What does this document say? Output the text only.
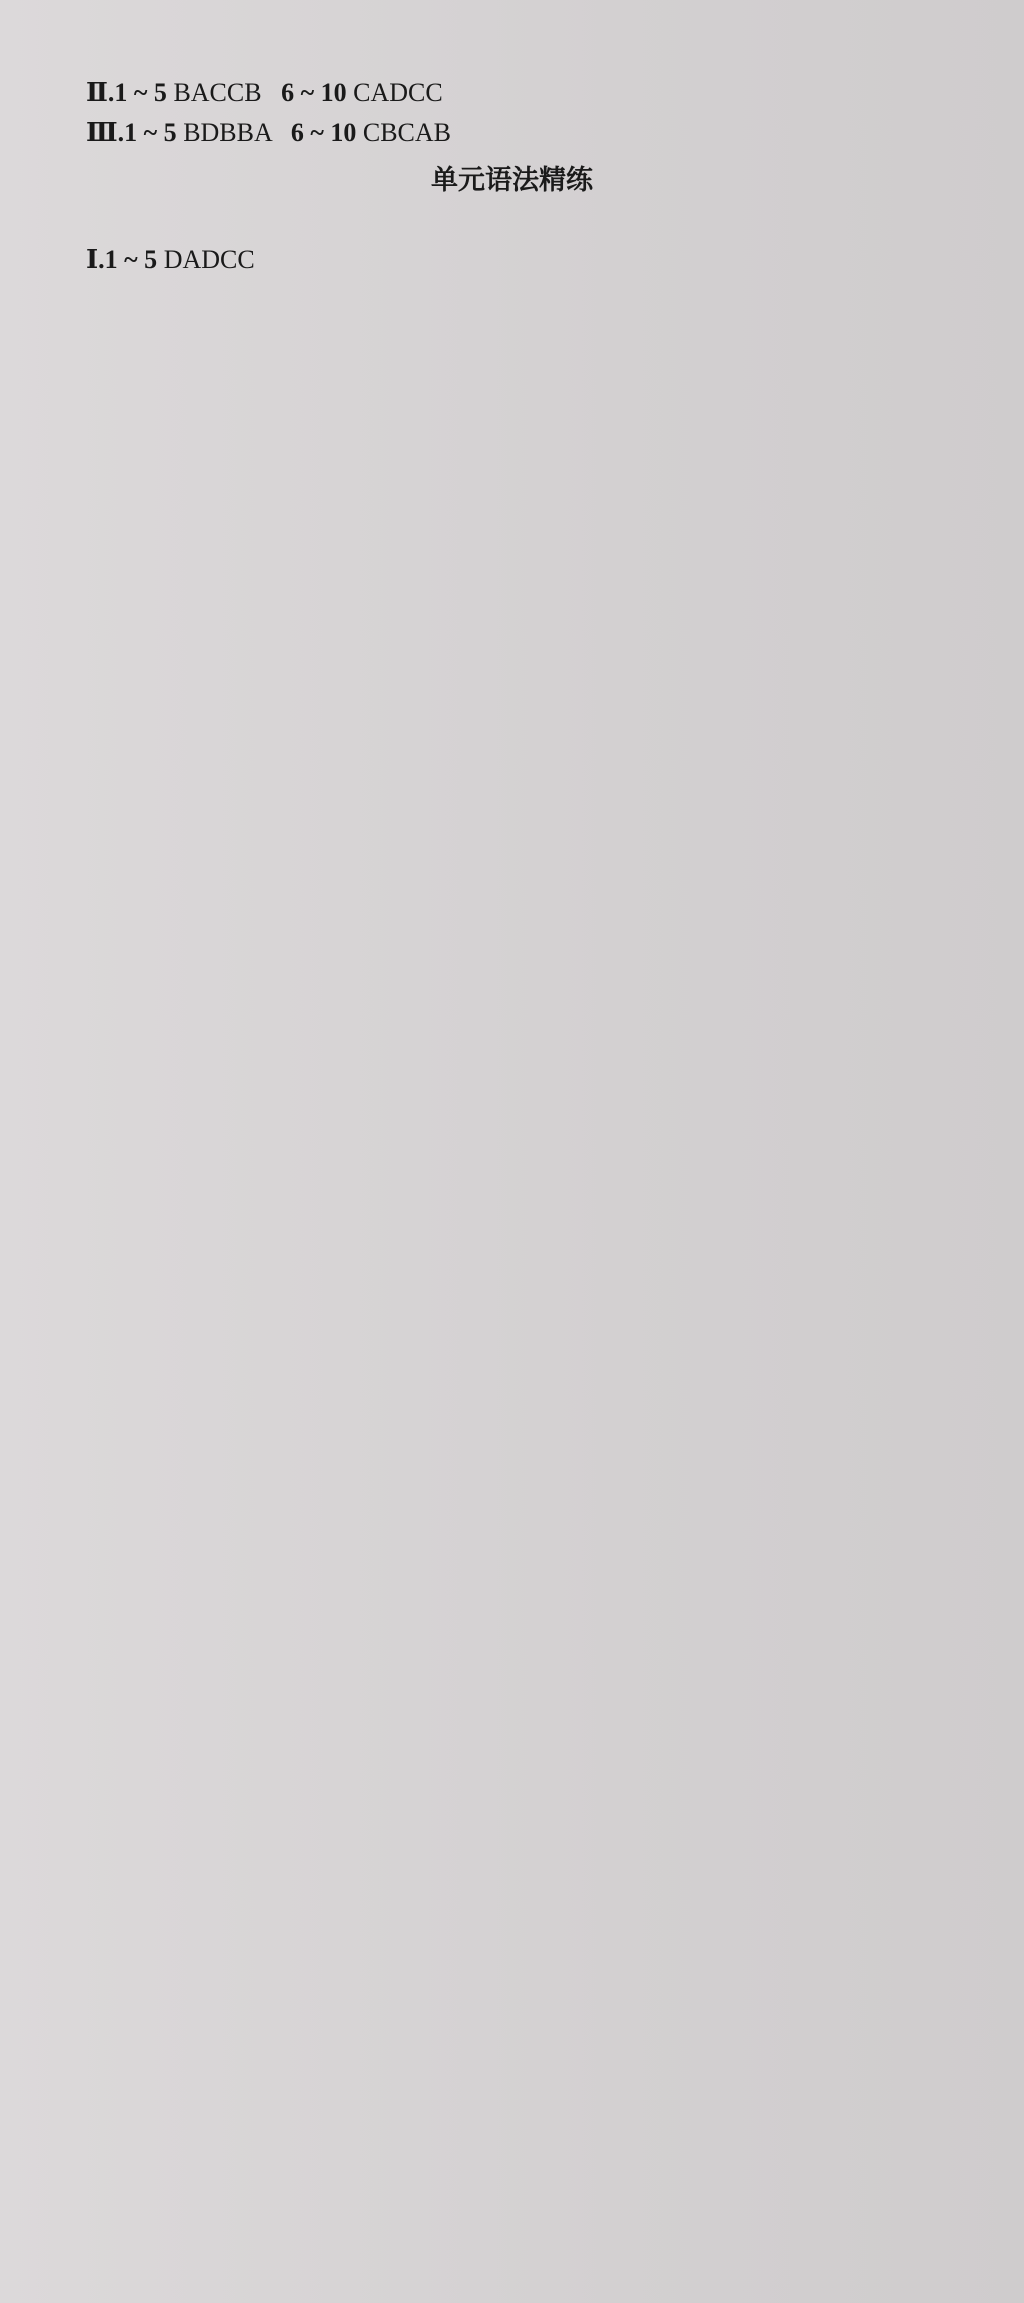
Ⅱ.1 ~ 5 BACCB   6 ~ 10 CADCC
Ⅲ.1 ~ 5 BDBBA   6 ~ 10 CBCAB
单元语法精练
Ⅰ.1 ~ 5 DADCC
